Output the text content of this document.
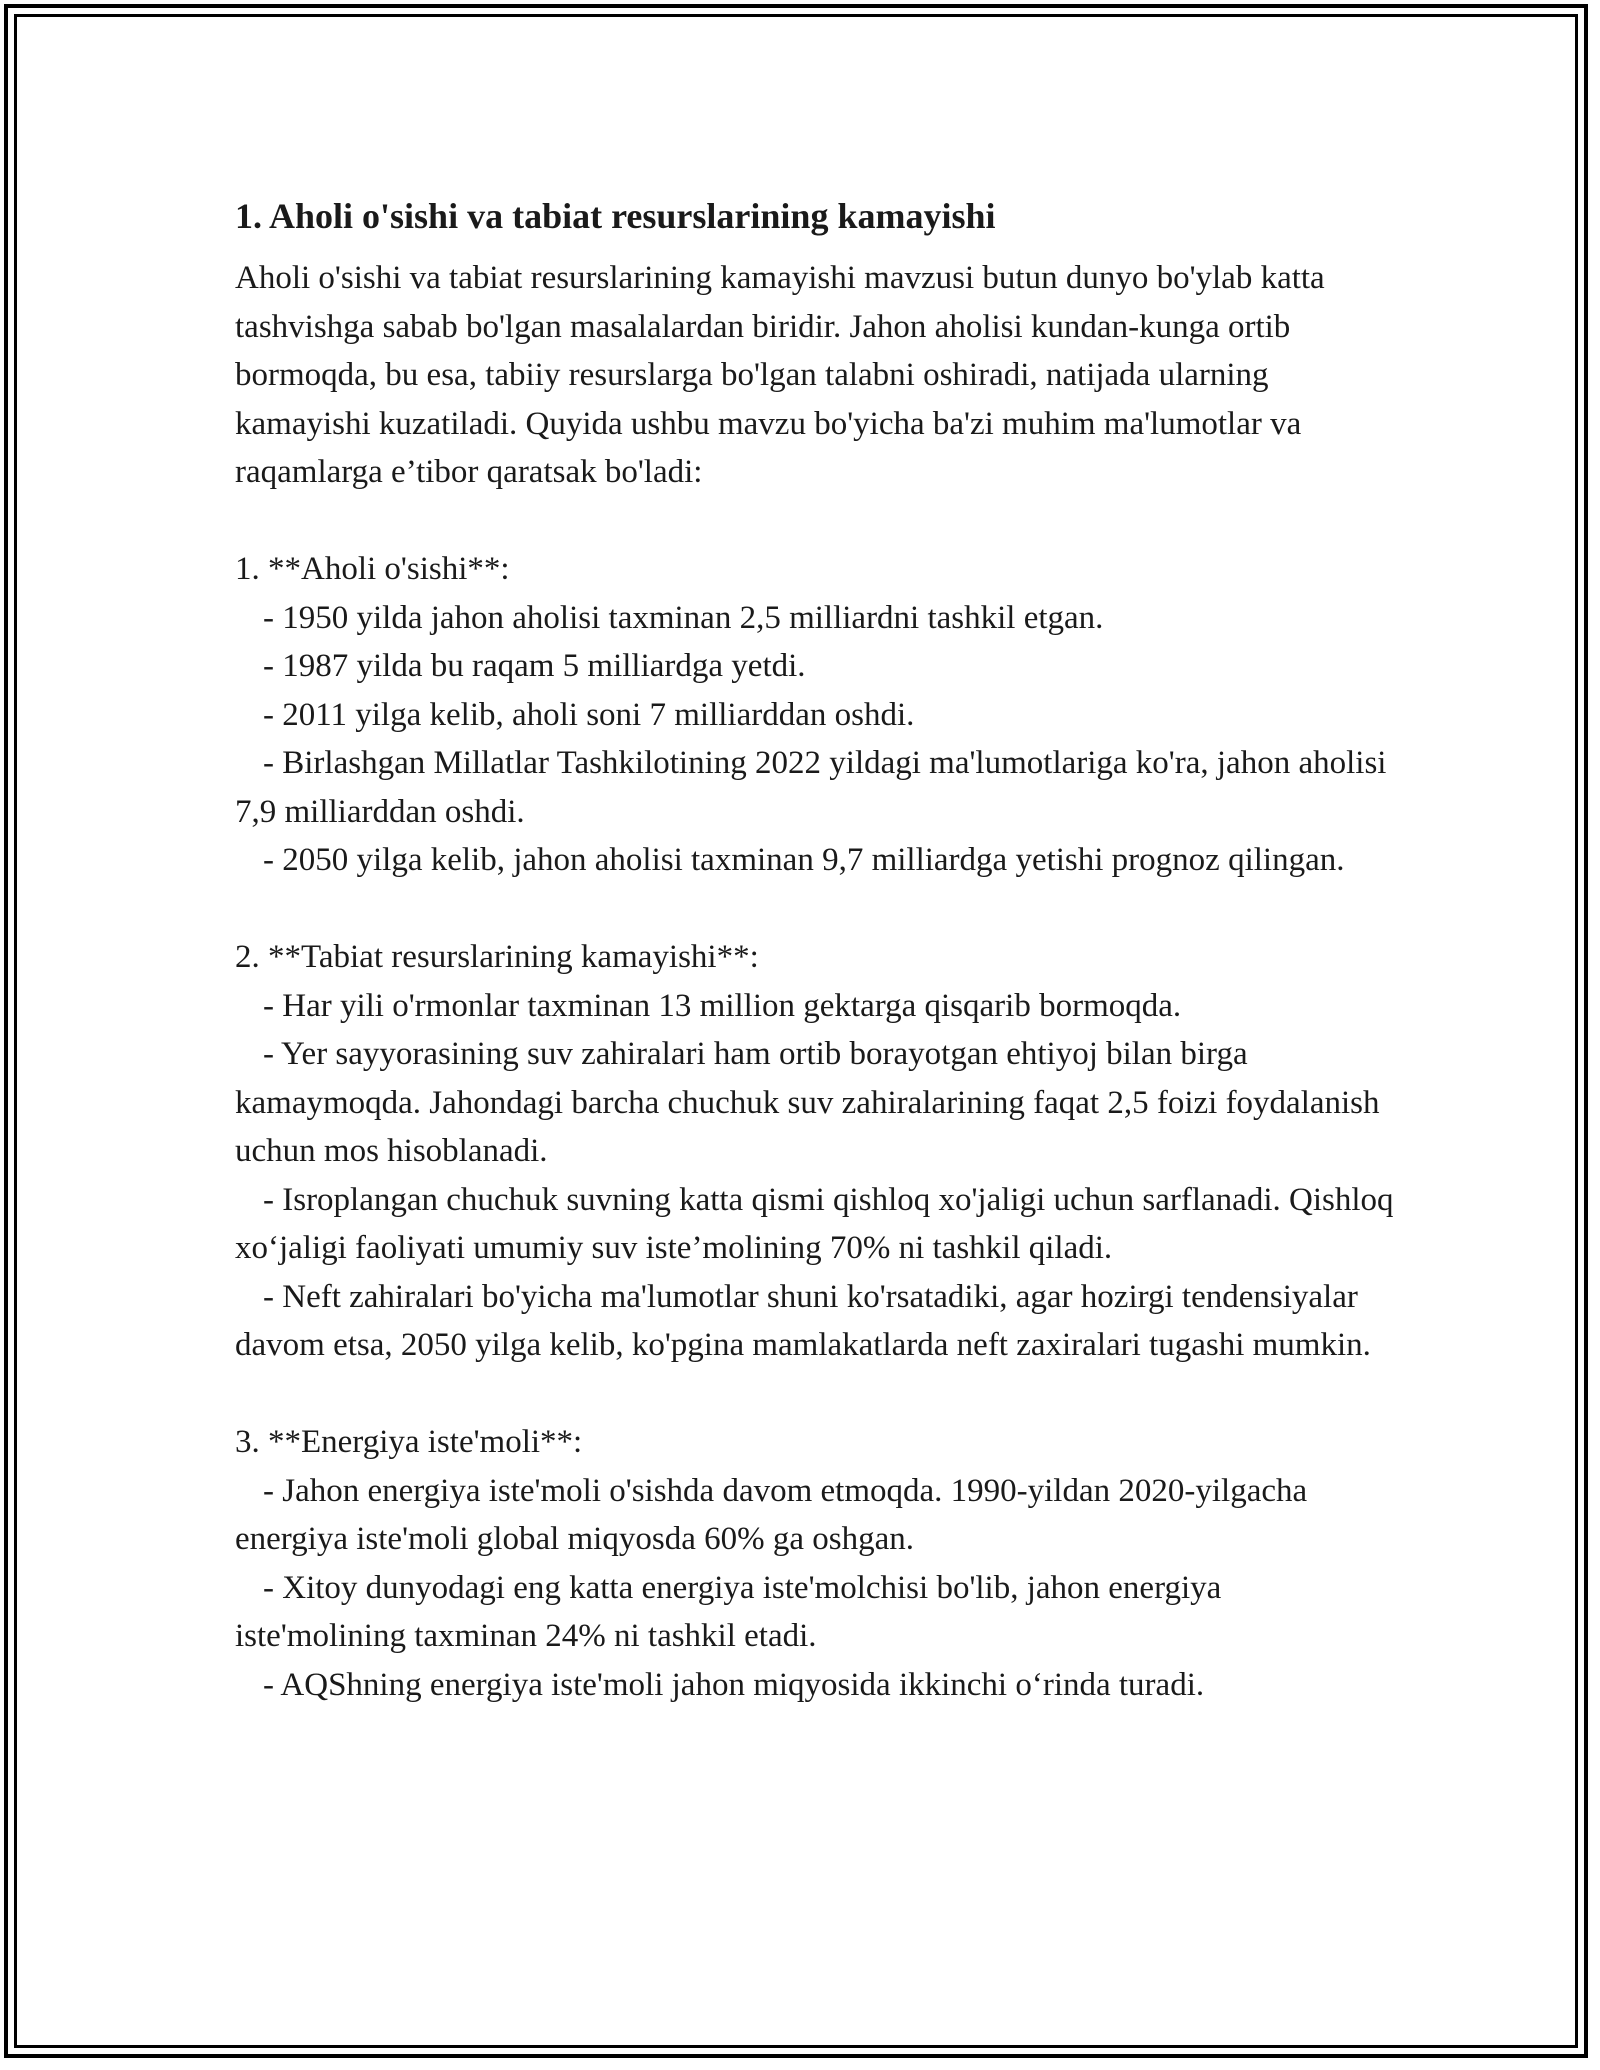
1. Aholi o'sishi va tabiat resurslarining kamayishi

Aholi o'sishi va tabiat resurslarining kamayishi mavzusi butun dunyo bo'ylab katta tashvishga sabab bo'lgan masalalardan biridir. Jahon aholisi kundan-kunga ortib bormoqda, bu esa, tabiiy resurslarga bo'lgan talabni oshiradi, natijada ularning kamayishi kuzatiladi. Quyida ushbu mavzu bo'yicha ba'zi muhim ma'lumotlar va raqamlarga e’tibor qaratsak bo'ladi:

1. **Aholi o'sishi**:
- 1950 yilda jahon aholisi taxminan 2,5 milliardni tashkil etgan.
- 1987 yilda bu raqam 5 milliardga yetdi.
- 2011 yilga kelib, aholi soni 7 milliarddan oshdi.
- Birlashgan Millatlar Tashkilotining 2022 yildagi ma'lumotlariga ko'ra, jahon aholisi 7,9 milliarddan oshdi.
- 2050 yilga kelib, jahon aholisi taxminan 9,7 milliardga yetishi prognoz qilingan.
2. **Tabiat resurslarining kamayishi**:
- Har yili o'rmonlar taxminan 13 million gektarga qisqarib bormoqda.
- Yer sayyorasining suv zahiralari ham ortib borayotgan ehtiyoj bilan birga kamaymoqda. Jahondagi barcha chuchuk suv zahiralarining faqat 2,5 foizi foydalanish uchun mos hisoblanadi.
- Isroplangan chuchuk suvning katta qismi qishloq xo'jaligi uchun sarflanadi. Qishloq xo‘jaligi faoliyati umumiy suv iste’molining 70% ni tashkil qiladi.
- Neft zahiralari bo'yicha ma'lumotlar shuni ko'rsatadiki, agar hozirgi tendensiyalar davom etsa, 2050 yilga kelib, ko'pgina mamlakatlarda neft zaxiralari tugashi mumkin.
3. **Energiya iste'moli**:
- Jahon energiya iste'moli o'sishda davom etmoqda. 1990-yildan 2020-yilgacha energiya iste'moli global miqyosda 60% ga oshgan.
- Xitoy dunyodagi eng katta energiya iste'molchisi bo'lib, jahon energiya iste'molining taxminan 24% ni tashkil etadi.
- AQShning energiya iste'moli jahon miqyosida ikkinchi o‘rinda turadi.
